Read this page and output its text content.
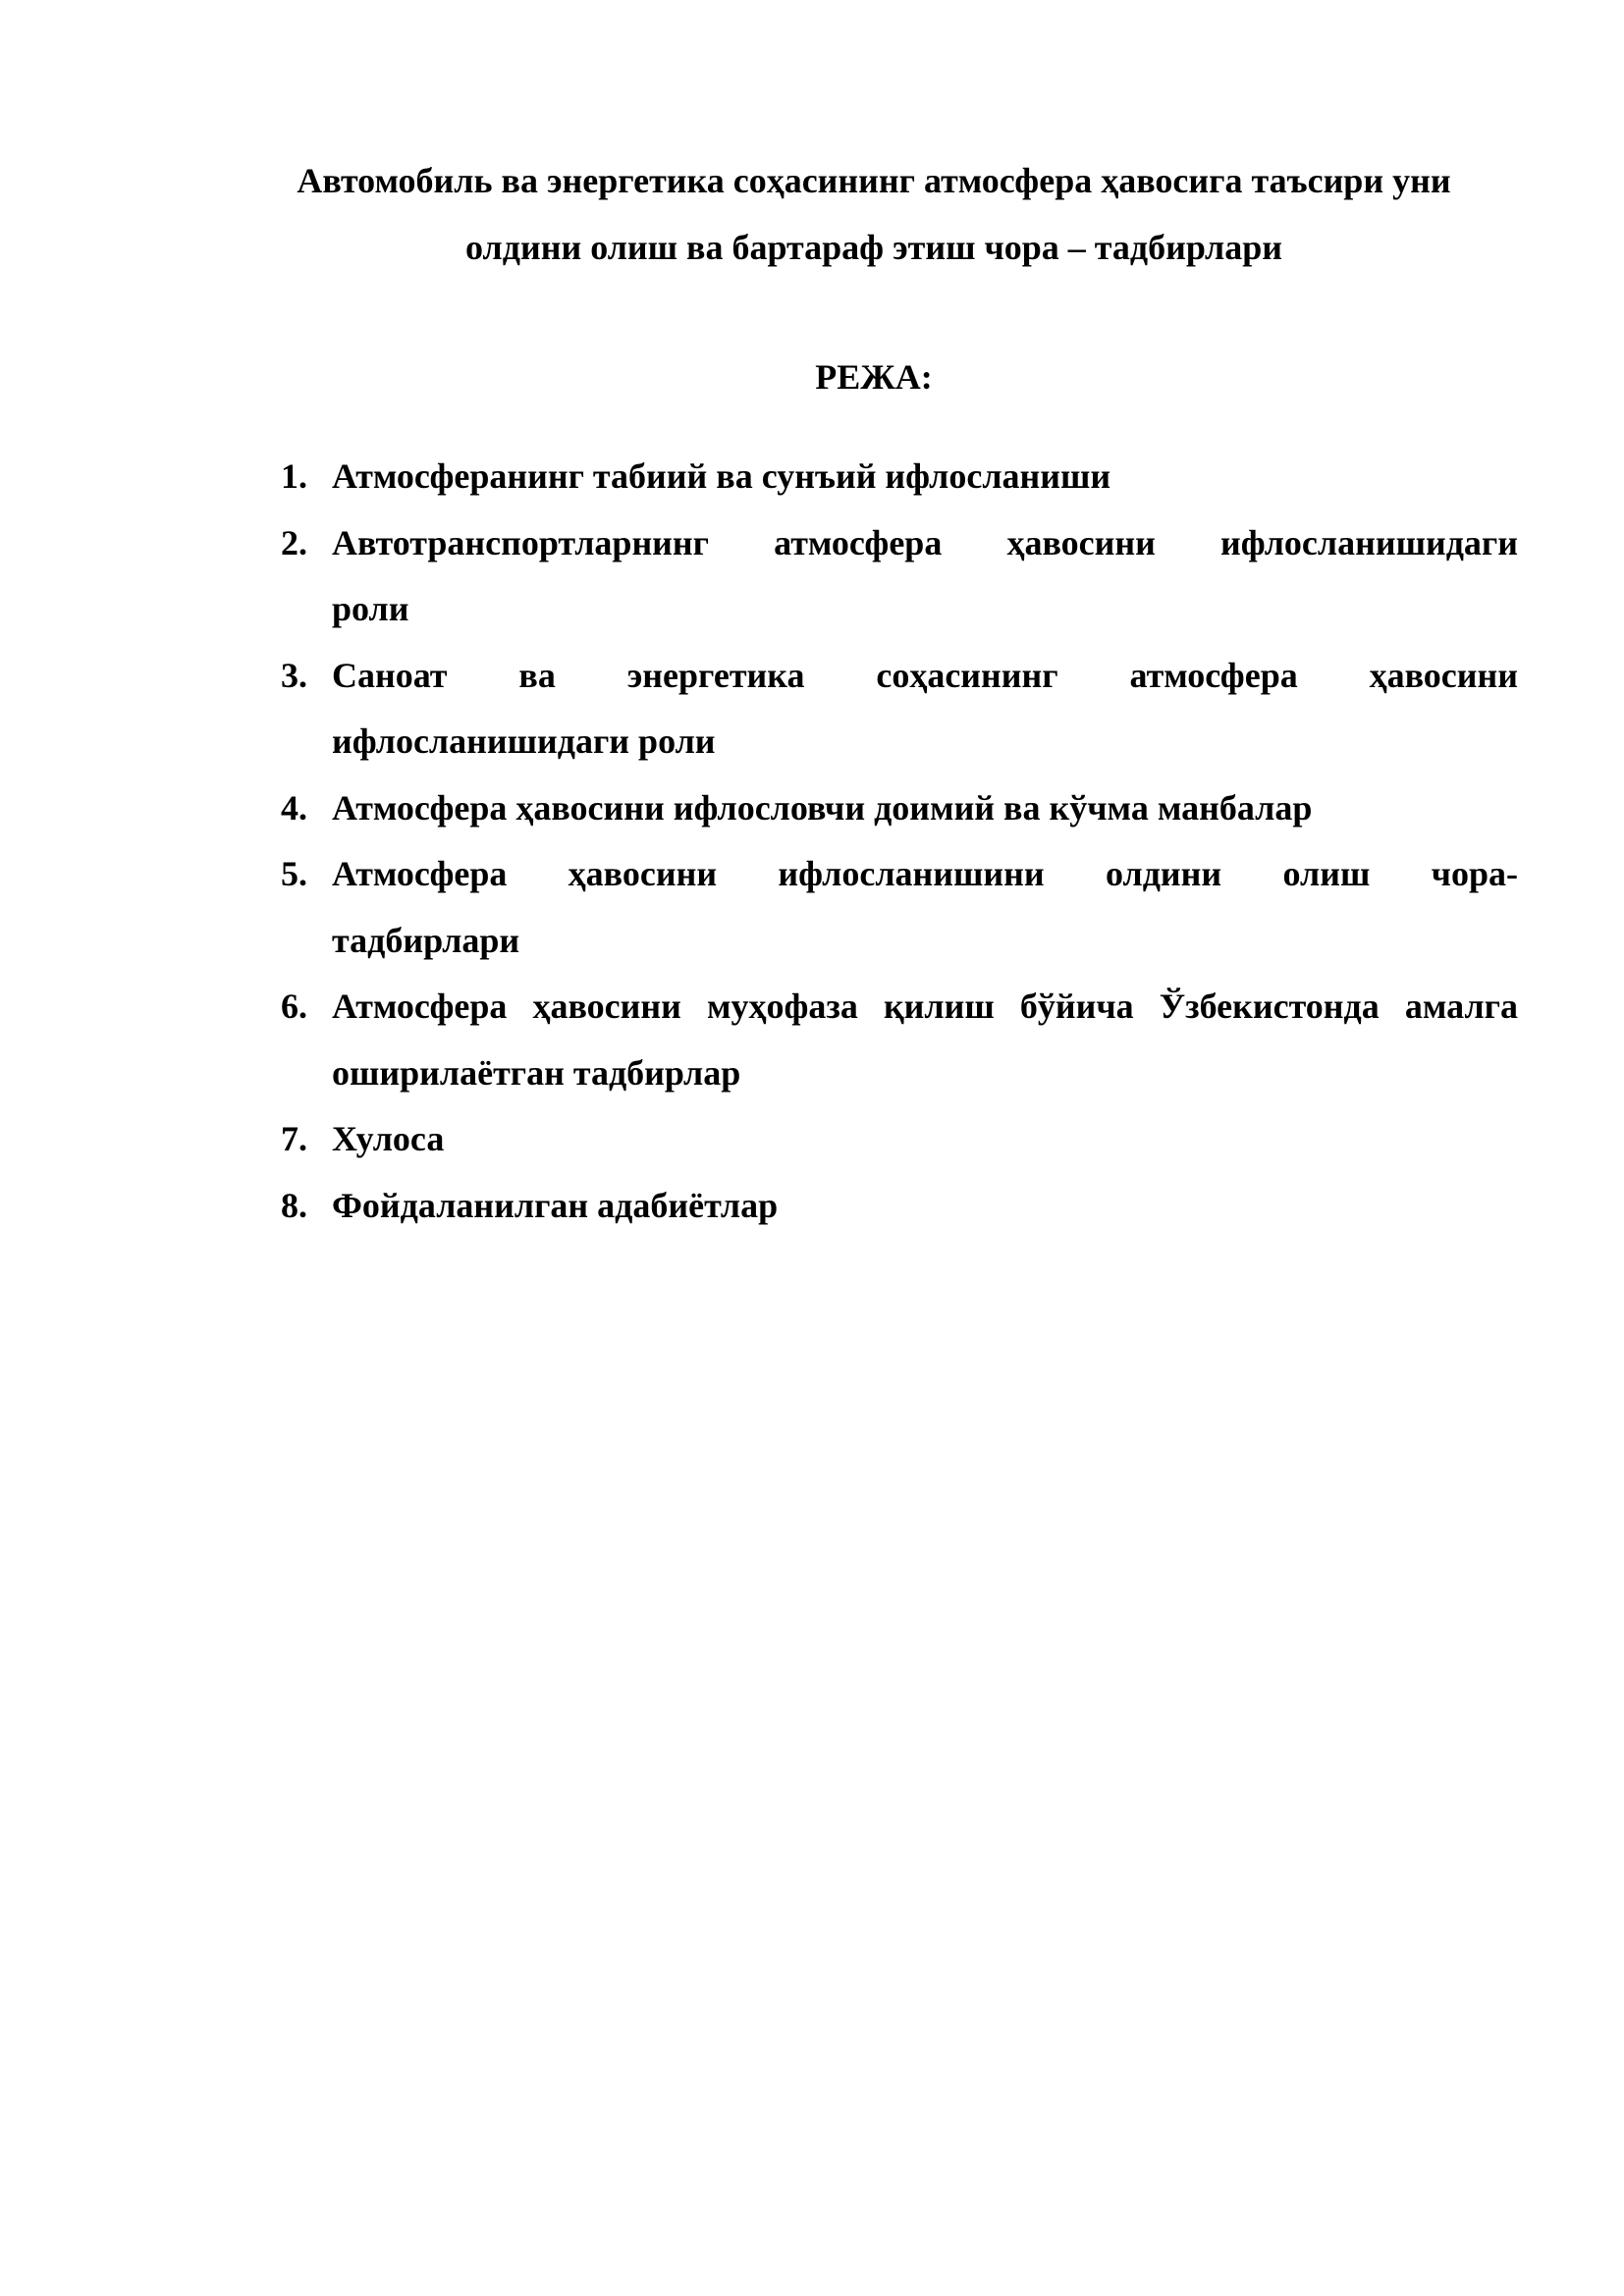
Автомобиль ва энергетика соҳасининг атмосфера ҳавосига таъсири уни
олдини олиш ва бартараф этиш чора – тадбирлари
РЕЖА:
1. Атмосферанинг табиий ва сунъий ифлосланиши
2. Автотранспортларнинг атмосфера ҳавосини ифлосланишидаги
роли
3. Саноат ва энергетика соҳасининг атмосфера ҳавосини
ифлосланишидаги роли
4. Атмосфера ҳавосини ифлословчи доимий ва кўчма манбалар
5. Атмосфера ҳавосини ифлосланишини олдини олиш чора-
тадбирлари
6. Атмосфера ҳавосини муҳофаза қилиш бўйича Ўзбекистонда амалга
оширилаётган тадбирлар
7. Хулоса
8. Фойдаланилган адабиётлар
